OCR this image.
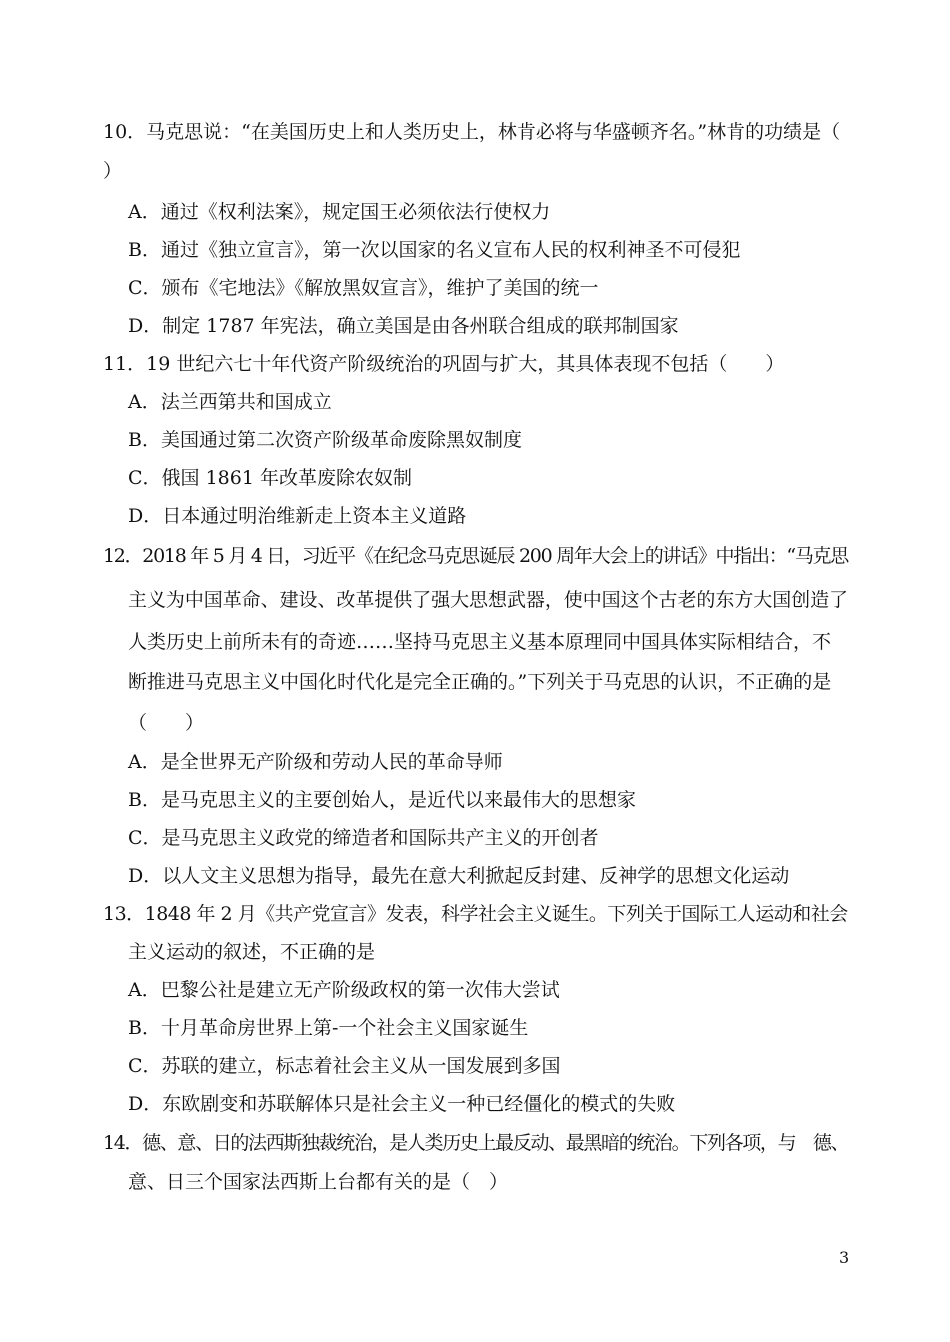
10．马克思说：“在美国历史上和人类历史上，林肯必将与华盛顿齐名。”林肯的功绩是（
）
A．通过《权利法案》，规定国王必须依法行使权力
B．通过《独立宣言》，第一次以国家的名义宣布人民的权利神圣不可侵犯
C．颁布《宅地法》《解放黑奴宣言》，维护了美国的统一
D．制定 1787 年宪法，确立美国是由各州联合组成的联邦制国家
11．19 世纪六七十年代资产阶级统治的巩固与扩大，其具体表现不包括（　　）
A．法兰西第共和国成立
B．美国通过第二次资产阶级革命废除黑奴制度
C．俄国 1861 年改革废除农奴制
D．日本通过明治维新走上资本主义道路
12．2018 年 5 月 4 日，习近平《在纪念马克思诞辰 200 周年大会上的讲话》中指出：“马克思
主义为中国革命、建设、改革提供了强大思想武器，使中国这个古老的东方大国创造了
人类历史上前所未有的奇迹……坚持马克思主义基本原理同中国具体实际相结合，不
断推进马克思主义中国化时代化是完全正确的。”下列关于马克思的认识，不正确的是
（　　）
A．是全世界无产阶级和劳动人民的革命导师
B．是马克思主义的主要创始人，是近代以来最伟大的思想家
C．是马克思主义政党的缔造者和国际共产主义的开创者
D．以人文主义思想为指导，最先在意大利掀起反封建、反神学的思想文化运动
13．1848 年 2 月《共产党宣言》发表，科学社会主义诞生。下列关于国际工人运动和社会
主义运动的叙述，不正确的是
A．巴黎公社是建立无产阶级政权的第一次伟大尝试
B．十月革命房世界上第-一个社会主义国家诞生
C．苏联的建立，标志着社会主义从一国发展到多国
D．东欧剧变和苏联解体只是社会主义一种已经僵化的模式的失败
14．德、意、日的法西斯独裁统治，是人类历史上最反动、最黑暗的统治。下列各项，与　德、
意、日三个国家法西斯上台都有关的是（　）
3
